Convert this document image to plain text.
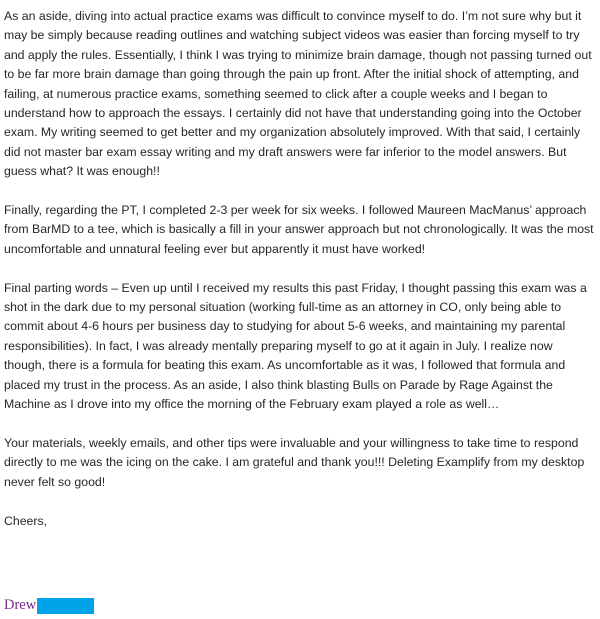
As an aside, diving into actual practice exams was difficult to convince myself to do. I’m not sure why but it may be simply because reading outlines and watching subject videos was easier than forcing myself to try and apply the rules. Essentially, I think I was trying to minimize brain damage, though not passing turned out to be far more brain damage than going through the pain up front. After the initial shock of attempting, and failing, at numerous practice exams, something seemed to click after a couple weeks and I began to understand how to approach the essays. I certainly did not have that understanding going into the October exam. My writing seemed to get better and my organization absolutely improved. With that said, I certainly did not master bar exam essay writing and my draft answers were far inferior to the model answers. But guess what? It was enough!!

Finally, regarding the PT, I completed 2-3 per week for six weeks. I followed Maureen MacManus’ approach from BarMD to a tee, which is basically a fill in your answer approach but not chronologically. It was the most uncomfortable and unnatural feeling ever but apparently it must have worked!

Final parting words – Even up until I received my results this past Friday, I thought passing this exam was a shot in the dark due to my personal situation (working full-time as an attorney in CO, only being able to commit about 4-6 hours per business day to studying for about 5-6 weeks, and maintaining my parental responsibilities). In fact, I was already mentally preparing myself to go at it again in July. I realize now though, there is a formula for beating this exam. As uncomfortable as it was, I followed that formula and placed my trust in the process. As an aside, I also think blasting Bulls on Parade by Rage Against the Machine as I drove into my office the morning of the February exam played a role as well…

Your materials, weekly emails, and other tips were invaluable and your willingness to take time to respond directly to me was the icing on the cake. I am grateful and thank you!!! Deleting Examplify from my desktop never felt so good!

Cheers,

Drew
